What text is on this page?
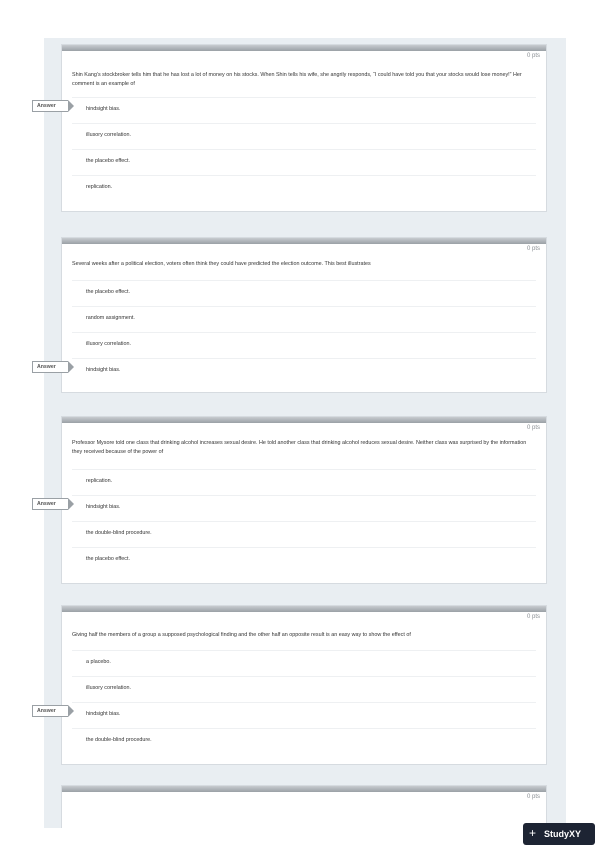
0 pts
Shin Kang’s stockbroker tells him that he has lost a lot of money on his stocks. When Shin tells his wife, she angrily responds, “I could have told you that your stocks would lose money!” Her comment is an example of
hindsight bias.
illusory correlation.
the placebo effect.
replication.
Answer
0 pts
Several weeks after a political election, voters often think they could have predicted the election outcome. This best illustrates
the placebo effect.
random assignment.
illusory correlation.
hindsight bias.
Answer
0 pts
Professor Mysore told one class that drinking alcohol increases sexual desire. He told another class that drinking alcohol reduces sexual desire. Neither class was surprised by the information they received because of the power of
replication.
hindsight bias.
the double-blind procedure.
the placebo effect.
Answer
0 pts
Giving half the members of a group a supposed psychological finding and the other half an opposite result is an easy way to show the effect of
a placebo.
illusory correlation.
hindsight bias.
the double-blind procedure.
Answer
0 pts
+ StudyXY
